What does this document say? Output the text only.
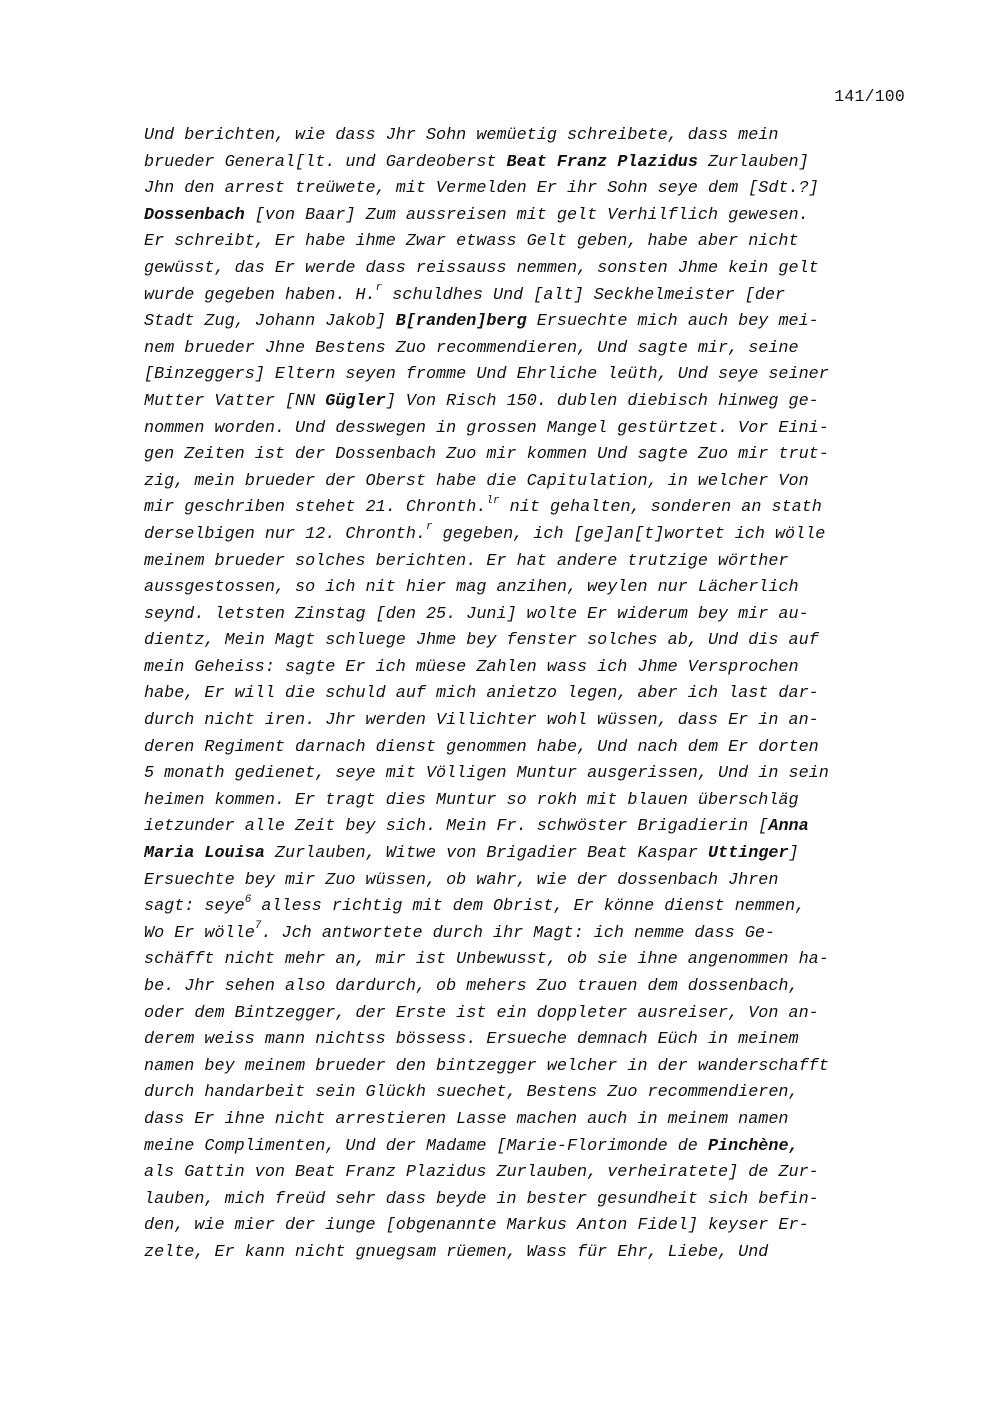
141/100
Und berichten, wie dass Jhr Sohn wemüetig schreibete, dass mein
brueder General[lt. und Gardeoberst Beat Franz Plazidus Zurlauben]
Jhn den arrest treüwete, mit Vermelden Er ihr Sohn seye dem [Sdt.?]
Dossenbach [von Baar] Zum aussreisen mit gelt Verhilflich gewesen.
Er schreibt, Er habe ihme Zwar etwass Gelt geben, habe aber nicht
gewüsst, das Er werde dass reissauss nemmen, sonsten Jhme kein gelt
wurde gegeben haben. H.$^r$ schuldhes Und [alt] Seckhelmeister [der
Stadt Zug, Johann Jakob] B[randen]berg Ersuechte mich auch bey mei-
nem brueder Jhne Bestens Zuo recommendieren, Und sagte mir, seine
[Binzeggers] Eltern seyen fromme Und Ehrliche leüth, Und seye seiner
Mutter Vatter [NN Gügler] Von Risch 150. dublen diebisch hinweg ge-
nommen worden. Und desswegen in grossen Mangel gestürtzet. Vor Eini-
gen Zeiten ist der Dossenbach Zuo mir kommen Und sagte Zuo mir trut-
zig, mein brueder der Oberst habe die Capitulation, in welcher Von
mir geschriben stehet 21. Chronth.$^{lr}$ nit gehalten, sonderen an stath
derselbigen nur 12. Chronth.$^r$ gegeben, ich [ge]an[t]wortet ich wölle
meinem brueder solches berichten. Er hat andere trutzige wörther
aussgestossen, so ich nit hier mag anzihen, weylen nur Lächerlich
seynd. letsten Zinstag [den 25. Juni] wolte Er widerum bey mir au-
dientz, Mein Magt schluege Jhme bey fenster solches ab, Und dis auf
mein Geheiss: sagte Er ich müese Zahlen wass ich Jhme Versprochen
habe, Er will die schuld auf mich anietzo legen, aber ich last dar-
durch nicht iren. Jhr werden Villichter wohl wüssen, dass Er in an-
deren Regiment darnach dienst genommen habe, Und nach dem Er dorten
5 monath gedienet, seye mit Völligen Muntur ausgerissen, Und in sein
heimen kommen. Er tragt dies Muntur so rokh mit blauen überschläg
ietzunder alle Zeit bey sich. Mein Fr. schwöster Brigadierin [Anna
Maria Louisa Zurlauben, Witwe von Brigadier Beat Kaspar Uttinger]
Ersuechte bey mir Zuo wüssen, ob wahr, wie der dossenbach Jhren
sagt: seye$^6$ alless richtig mit dem Obrist, Er könne dienst nemmen,
Wo Er wölle$^7$. Jch antwortete durch ihr Magt: ich nemme dass Ge-
schäfft nicht mehr an, mir ist Unbewusst, ob sie ihne angenommen ha-
be. Jhr sehen also dardurch, ob mehers Zuo trauen dem dossenbach,
oder dem Bintzegger, der Erste ist ein doppleter ausreiser, Von an-
derem weiss mann nichtss bössess. Ersueche demnach Eüch in meinem
namen bey meinem brueder den bintzegger welcher in der wanderschafft
durch handarbeit sein Glückh suechet, Bestens Zuo recommendieren,
dass Er ihne nicht arrestieren Lasse machen auch in meinem namen
meine Complimenten, Und der Madame [Marie-Florimonde de Pinchène,
als Gattin von Beat Franz Plazidus Zurlauben, verheiratete] de Zur-
lauben, mich freüd sehr dass beyde in bester gesundheit sich befin-
den, wie mier der iunge [obgenannte Markus Anton Fidel] keyser Er-
zelte, Er kann nicht gnuegsam rüemen, Wass für Ehr, Liebe, Und
